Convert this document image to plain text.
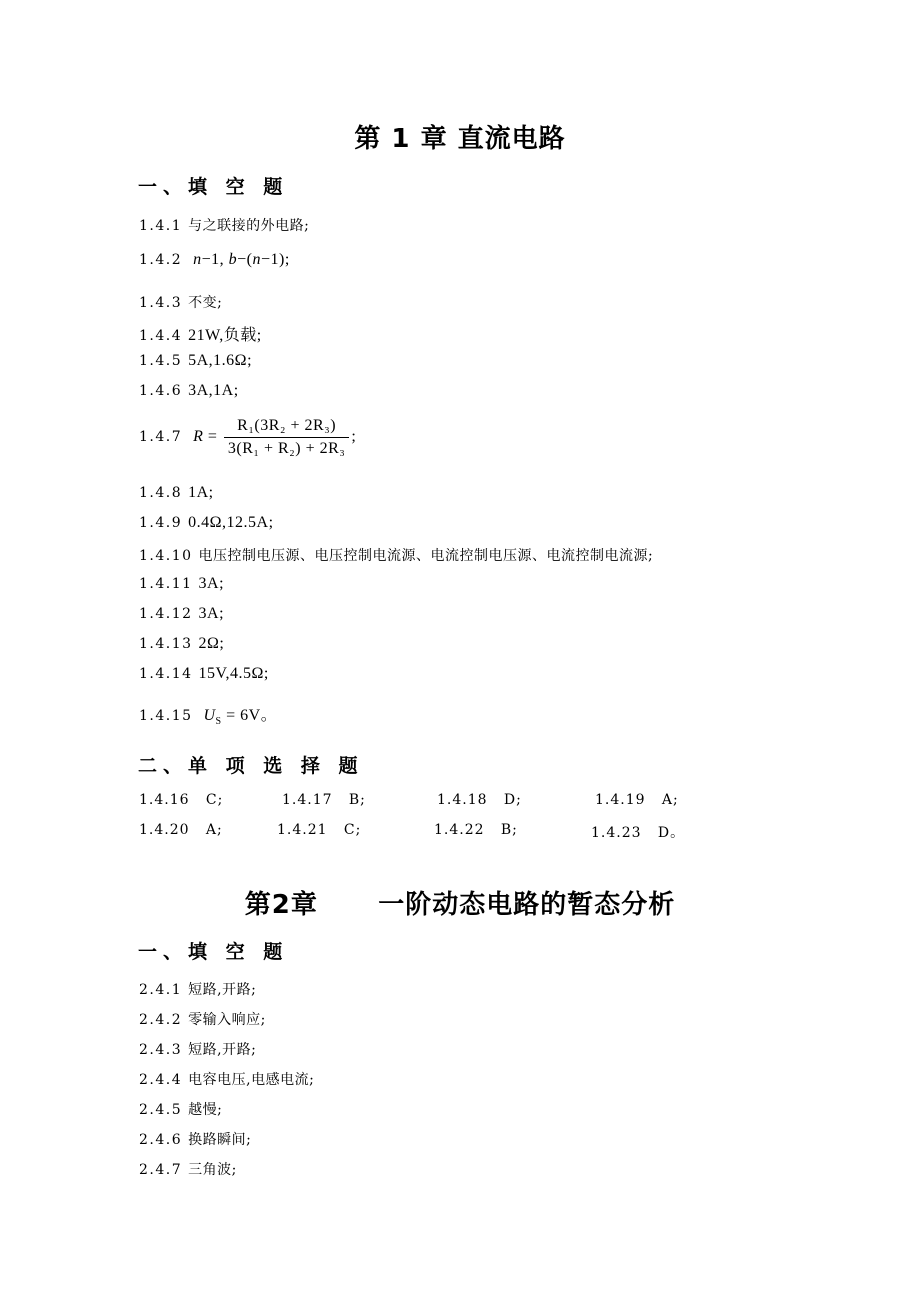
第 1 章 直流电路
一、填 空 题
1.4.1 与之联接的外电路;
1.4.2 n−1, b−(n−1);
1.4.3 不变;
1.4.4 21W,负载;
1.4.5 5A,1.6Ω;
1.4.6 3A,1A;
1.4.7 $R = \frac{\text{R₁(3R₂ + 2R₃)}}{\text{3(R₁ + R₂) + 2R₃}}$ ;
1.4.8 1A;
1.4.9 0.4Ω,12.5A;
1.4.10 电压控制电压源、电压控制电流源、电流控制电压源、电流控制电流源;
1.4.11 3A;
1.4.12 3A;
1.4.13 2Ω;
1.4.14 15V,4.5Ω;
1.4.15 $U_S = 6V$。
二、单 项 选 择 题
1.4.16 C;	1.4.17 B;	1.4.18 D;	1.4.19 A;
1.4.20 A;	1.4.21 C;	1.4.22 B;	1.4.23 D。
第2章      一阶动态电路的暂态分析
一、填 空 题
2.4.1 短路,开路;
2.4.2 零输入响应;
2.4.3 短路,开路;
2.4.4 电容电压,电感电流;
2.4.5 越慢;
2.4.6 换路瞬间;
2.4.7 三角波;
